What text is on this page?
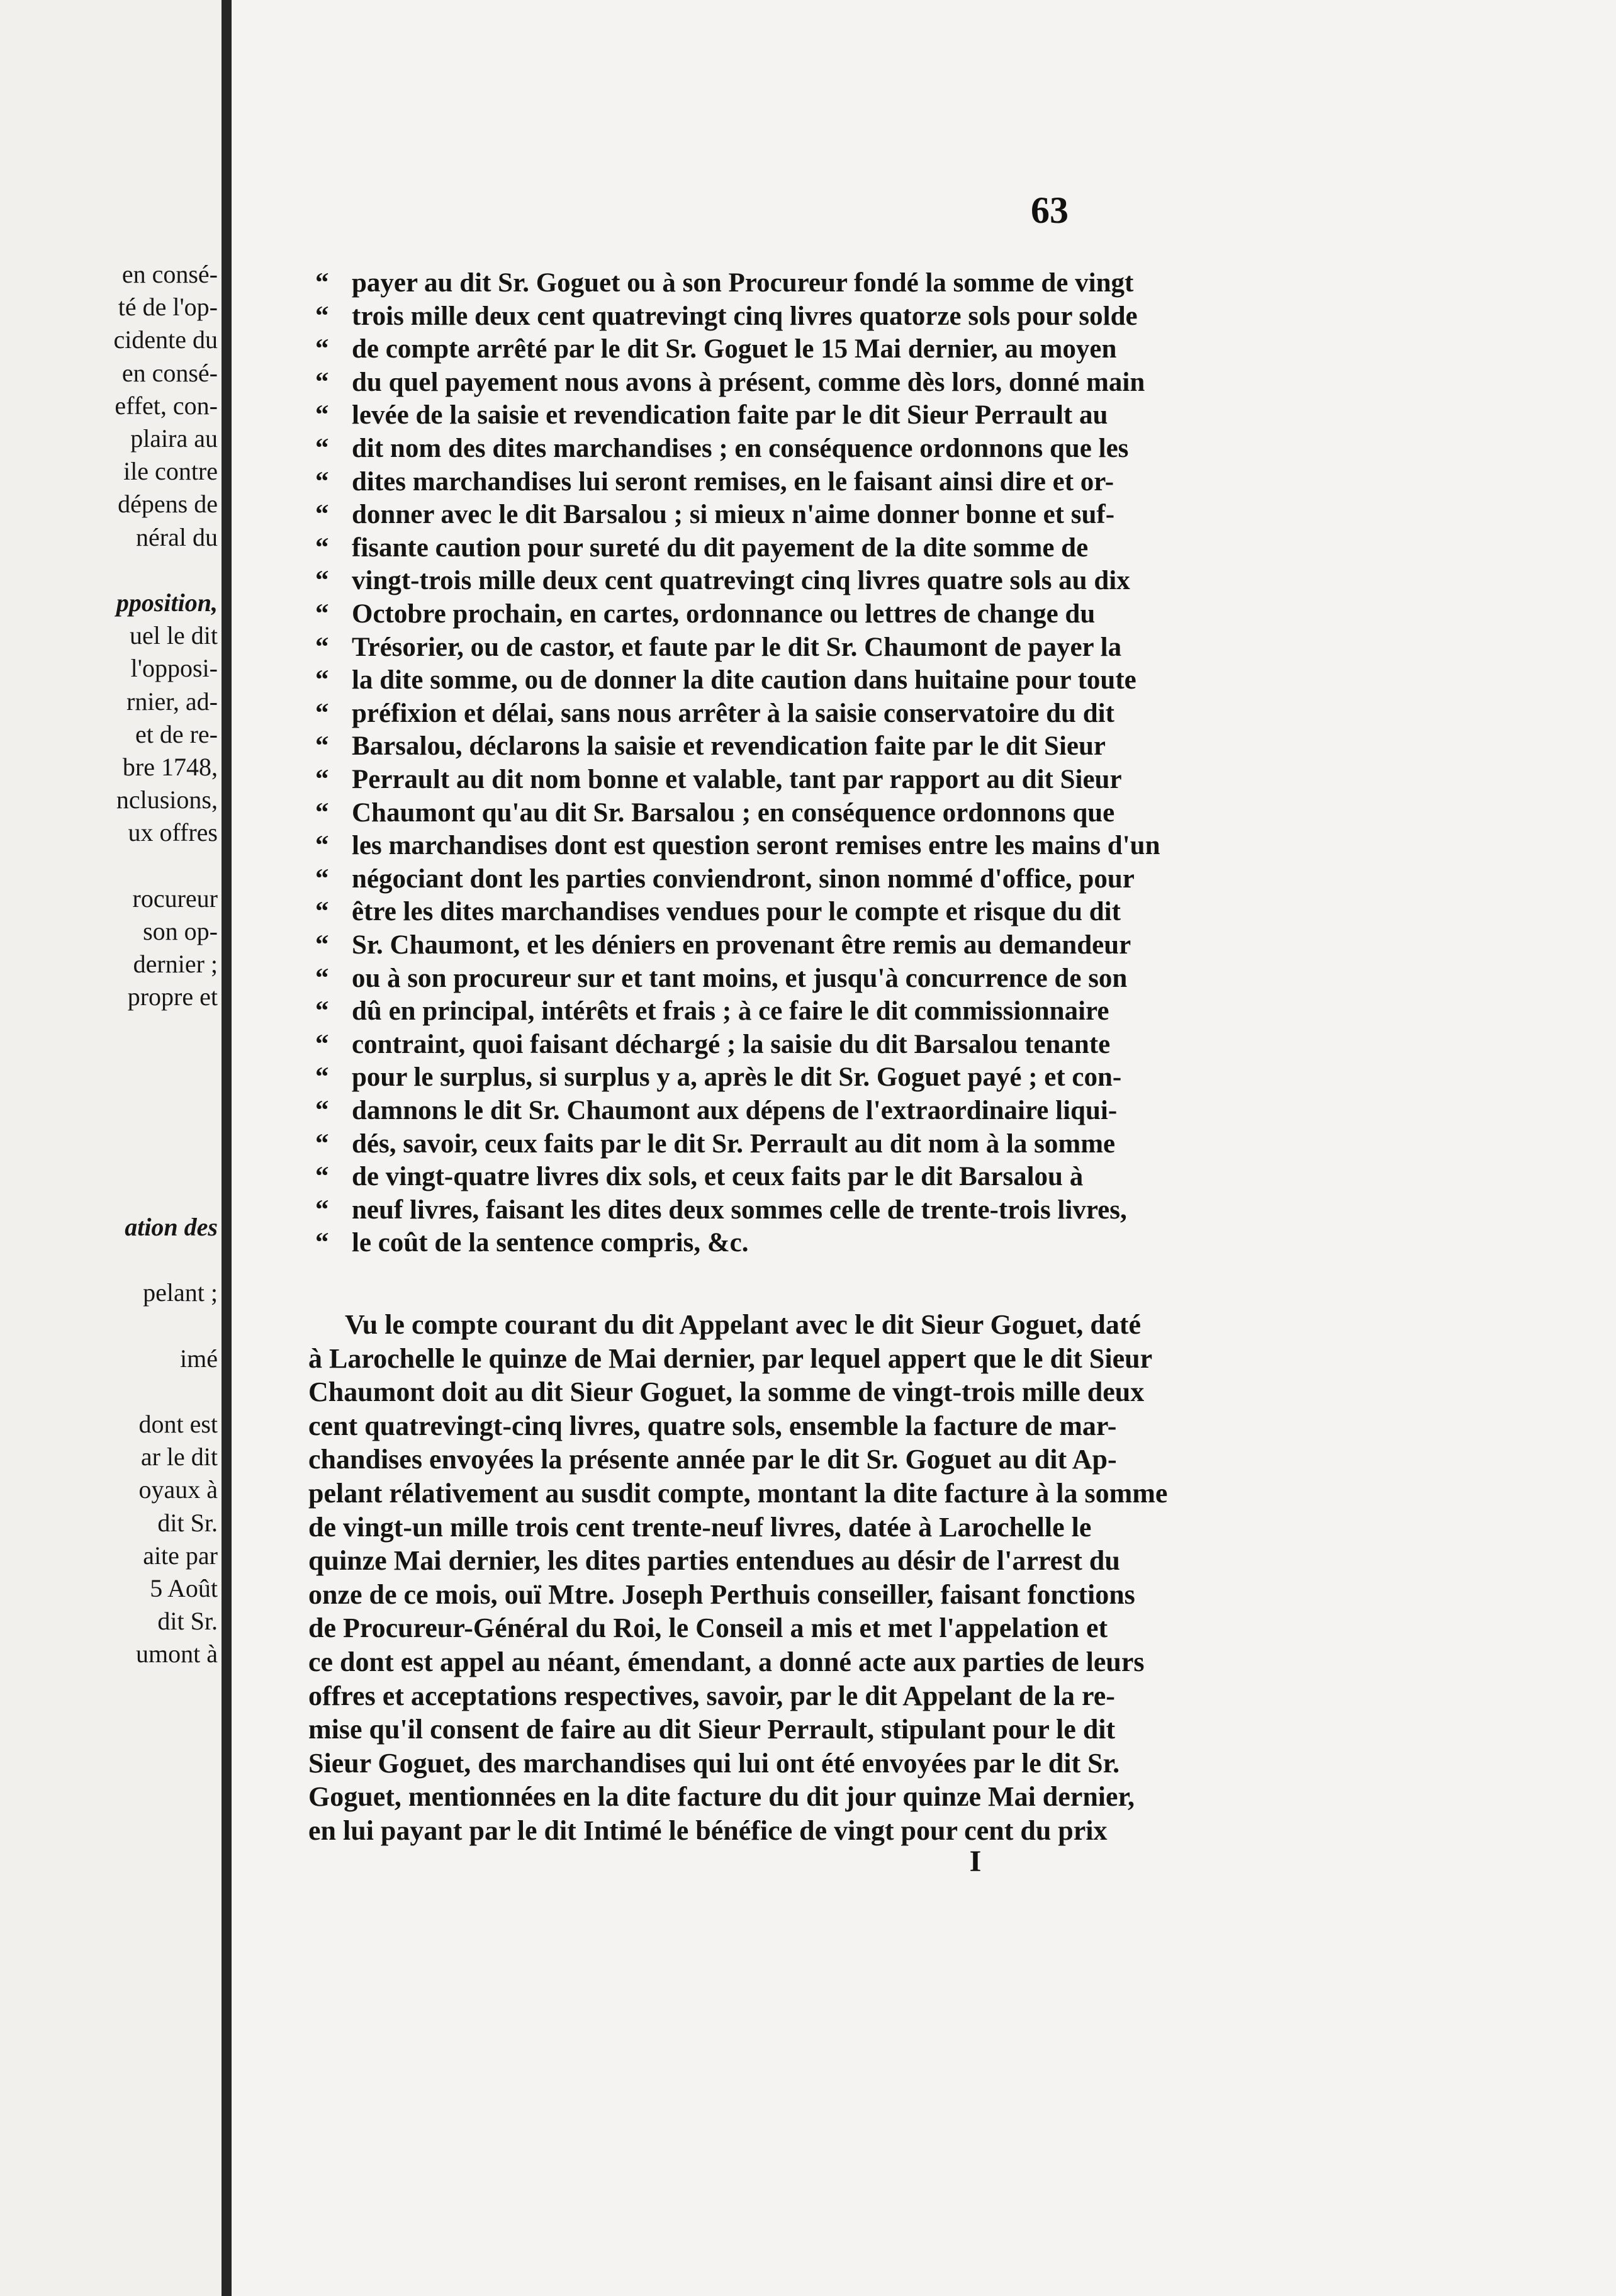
en consé-
té de l'op-
cidente du
en consé-
effet, con-
plaira au
ile contre
dépens de
néral du
pposition,
uel le dit
l'opposi-
rnier, ad-
et de re-
bre 1748,
nclusions,
ux offres
rocureur
son op-
dernier ;
propre et
ation des
pelant ;
imé
dont est
ar le dit
oyaux à
dit Sr.
aite par
5 Août
dit Sr.
umont à
63
“ payer au dit Sr. Goguet ou à son Procureur fondé la somme de vingt
“ trois mille deux cent quatrevingt cinq livres quatorze sols pour solde
“ de compte arrêté par le dit Sr. Goguet le 15 Mai dernier, au moyen
“ du quel payement nous avons à présent, comme dès lors, donné main
“ levée de la saisie et revendication faite par le dit Sieur Perrault au
“ dit nom des dites marchandises ; en conséquence ordonnons que les
“ dites marchandises lui seront remises, en le faisant ainsi dire et or-
“ donner avec le dit Barsalou ; si mieux n'aime donner bonne et suf-
“ fisante caution pour sureté du dit payement de la dite somme de
“ vingt-trois mille deux cent quatrevingt cinq livres quatre sols au dix
“ Octobre prochain, en cartes, ordonnance ou lettres de change du
“ Trésorier, ou de castor, et faute par le dit Sr. Chaumont de payer la
“ la dite somme, ou de donner la dite caution dans huitaine pour toute
“ préfixion et délai, sans nous arrêter à la saisie conservatoire du dit
“ Barsalou, déclarons la saisie et revendication faite par le dit Sieur
“ Perrault au dit nom bonne et valable, tant par rapport au dit Sieur
“ Chaumont qu'au dit Sr. Barsalou ; en conséquence ordonnons que
“ les marchandises dont est question seront remises entre les mains d'un
“ négociant dont les parties conviendront, sinon nommé d'office, pour
“ être les dites marchandises vendues pour le compte et risque du dit
“ Sr. Chaumont, et les déniers en provenant être remis au demandeur
“ ou à son procureur sur et tant moins, et jusqu'à concurrence de son
“ dû en principal, intérêts et frais ; à ce faire le dit commissionnaire
“ contraint, quoi faisant déchargé ; la saisie du dit Barsalou tenante
“ pour le surplus, si surplus y a, après le dit Sr. Goguet payé ; et con-
“ damnons le dit Sr. Chaumont aux dépens de l'extraordinaire liqui-
“ dés, savoir, ceux faits par le dit Sr. Perrault au dit nom à la somme
“ de vingt-quatre livres dix sols, et ceux faits par le dit Barsalou à
“ neuf livres, faisant les dites deux sommes celle de trente-trois livres,
“ le coût de la sentence compris, &c.
Vu le compte courant du dit Appelant avec le dit Sieur Goguet, daté
à Larochelle le quinze de Mai dernier, par lequel appert que le dit Sieur
Chaumont doit au dit Sieur Goguet, la somme de vingt-trois mille deux
cent quatrevingt-cinq livres, quatre sols, ensemble la facture de mar-
chandises envoyées la présente année par le dit Sr. Goguet au dit Ap-
pelant rélativement au susdit compte, montant la dite facture à la somme
de vingt-un mille trois cent trente-neuf livres, datée à Larochelle le
quinze Mai dernier, les dites parties entendues au désir de l'arrest du
onze de ce mois, ouï Mtre. Joseph Perthuis conseiller, faisant fonctions
de Procureur-Général du Roi, le Conseil a mis et met l'appelation et
ce dont est appel au néant, émendant, a donné acte aux parties de leurs
offres et acceptations respectives, savoir, par le dit Appelant de la re-
mise qu'il consent de faire au dit Sieur Perrault, stipulant pour le dit
Sieur Goguet, des marchandises qui lui ont été envoyées par le dit Sr.
Goguet, mentionnées en la dite facture du dit jour quinze Mai dernier,
en lui payant par le dit Intimé le bénéfice de vingt pour cent du prix
I
